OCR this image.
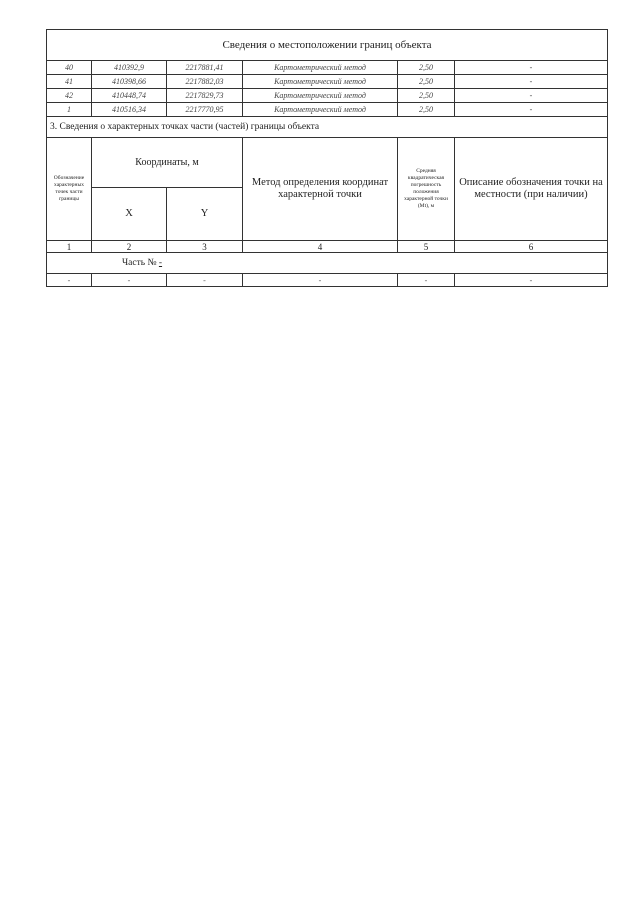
Сведения о местоположении границ объекта					
40	410392,9	2217881,41	Картометрический метод	2,50	-
41	410398,66	2217882,03	Картометрический метод	2,50	-
42	410448,74	2217829,73	Картометрический метод	2,50	-
1	410516,34	2217770,95	Картометрический метод	2,50	-
3. Сведения о характерных точках части (частей) границы объекта					
Обозначение характерных точек части границы	Координаты, м		Метод определения координат характерной точки	Средняя квадратическая погрешность положения характерной точки (Mt), м	Описание обозначения точки на местности (при наличии)
	X	Y			
1	2	3	4	5	6
Часть № -					
-	-	-	-	-	-
